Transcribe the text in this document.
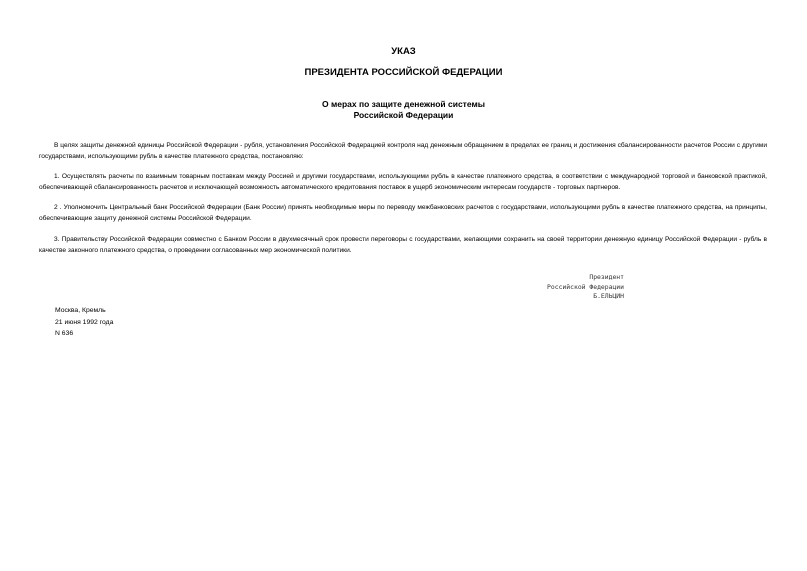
УКАЗ
ПРЕЗИДЕНТА РОССИЙСКОЙ ФЕДЕРАЦИИ
О мерах по защите денежной системы
Российской Федерации

В целях защиты денежной единицы Российской Федерации - рубля, установления Российской Федерацией контроля над денежным обращением в пределах ее границ и достижения сбалансированности расчетов России с другими государствами, использующими рубль в качестве платежного средства, постановляю:

1. Осуществлять расчеты по взаимным товарным поставкам между Россией и другими государствами, использующими рубль в качестве платежного средства, в соответствии с международной торговой и банковской практикой, обеспечивающей сбалансированность расчетов и исключающей возможность автоматического кредитования поставок в ущерб экономическим интересам государств - торговых партнеров.

2 . Уполномочить Центральный банк Российской Федерации (Банк России) принять необходимые меры по переводу межбанковских расчетов с государствами, использующими рубль в качестве платежного средства, на принципы, обеспечивающие защиту денежной системы Российской Федерации.

3. Правительству Российской Федерации совместно с Банком России в двухмесячный срок провести переговоры с государствами, желающими сохранить на своей территории денежную единицу Российской Федерации - рубль в качестве законного платежного средства, о проведении согласованных мер экономической политики.

Президент
Российской Федерации
Б.ЕЛЬЦИН
Москва, Кремль
21 июня 1992 года
N 636
